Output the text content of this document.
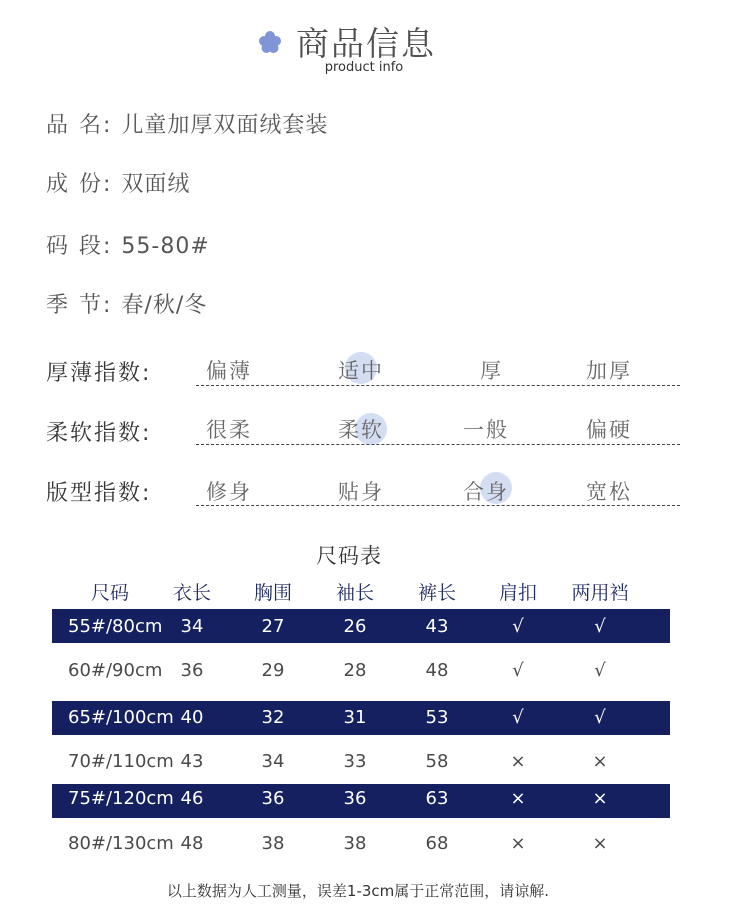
商品信息
product info
品 名: 儿童加厚双面绒套装
成 份: 双面绒
码 段: 55-80#
季 节: 春/秋/冬
厚薄指数:	偏薄	适中	厚	加厚
柔软指数:	很柔	柔软	一般	偏硬
版型指数:	修身	贴身	合身	宽松
尺码表
尺码	衣长	胸围	袖长	裤长	肩扣	两用裆
55#/80cm	34	27	26	43	√	√
60#/90cm	36	29	28	48	√	√
65#/100cm 40	32	31	53	√	√
70#/110cm 43	34	33	58	×	×
75#/120cm 46	36	36	63	×	×
80#/130cm 48	38	38	68	×	×
以上数据为人工测量，误差1-3cm属于正常范围，请谅解.
